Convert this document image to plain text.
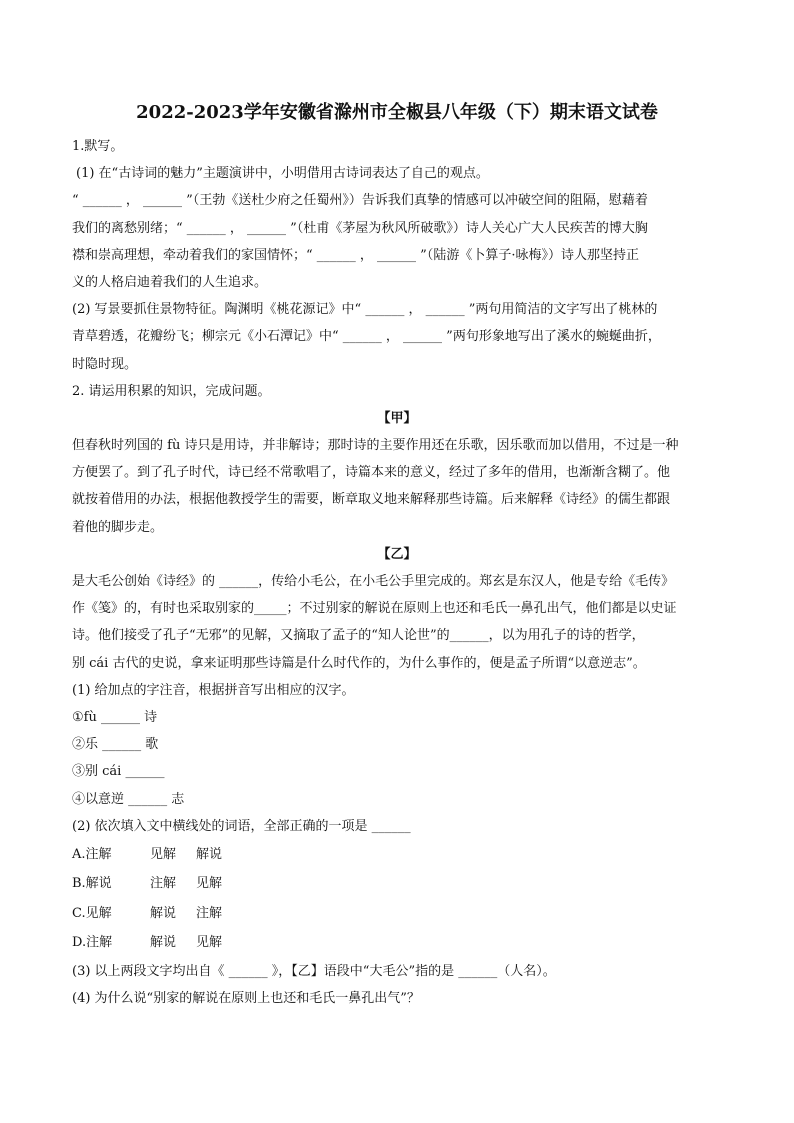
2022-2023学年安徽省滁州市全椒县八年级（下）期末语文试卷
1.默写。
(1) 在“古诗词的魅力”主题演讲中，小明借用古诗词表达了自己的观点。
“ ______ ， ______ ”（王勃《送杜少府之任蜀州》）告诉我们真挚的情感可以冲破空间的阻隔，慰藉着
我们的离愁别绪；“ ______ ， ______ ”（杜甫《茅屋为秋风所破歌》）诗人关心广大人民疾苦的博大胸
襟和崇高理想，牵动着我们的家国情怀；“ ______ ， ______ ”（陆游《卜算子·咏梅》）诗人那坚持正
义的人格启迪着我们的人生追求。
(2) 写景要抓住景物特征。陶渊明《桃花源记》中“ ______ ， ______ ”两句用简洁的文字写出了桃林的
青草碧透，花瓣纷飞；柳宗元《小石潭记》中“ ______ ， ______ ”两句形象地写出了溪水的蜿蜒曲折，
时隐时现。
2. 请运用积累的知识，完成问题。
【甲】
但春秋时列国的 fù 诗只是用诗，并非解诗；那时诗的主要作用还在乐歌，因乐歌而加以借用，不过是一种
方便罢了。到了孔子时代，诗已经不常歌唱了，诗篇本来的意义，经过了多年的借用，也渐渐含糊了。他
就按着借用的办法，根据他教授学生的需要，断章取义地来解释那些诗篇。后来解释《诗经》的儒生都跟
着他的脚步走。
【乙】
是大毛公创始《诗经》的 ______，传给小毛公，在小毛公手里完成的。郑玄是东汉人，他是专给《毛传》
作《笺》的，有时也采取别家的_____；不过别家的解说在原则上也还和毛氏一鼻孔出气，他们都是以史证
诗。他们接受了孔子“无邪”的见解，又摘取了孟子的“知人论世”的______，以为用孔子的诗的哲学，
别 cái 古代的史说，拿来证明那些诗篇是什么时代作的，为什么事作的，便是孟子所谓“以意逆志”。
(1) 给加点的字注音，根据拼音写出相应的汉字。
①fù ______ 诗
②乐 ______ 歌
③别 cái ______
④以意逆 ______ 志
(2) 依次填入文中横线处的词语，全部正确的一项是 ______
A.注解	见解 解说
B.解说	注解 见解
C.见解	解说 注解
D.注解	解说 见解
(3) 以上两段文字均出自《 ______ 》，【乙】语段中“大毛公”指的是 ______（人名）。
(4) 为什么说“别家的解说在原则上也还和毛氏一鼻孔出气”？
